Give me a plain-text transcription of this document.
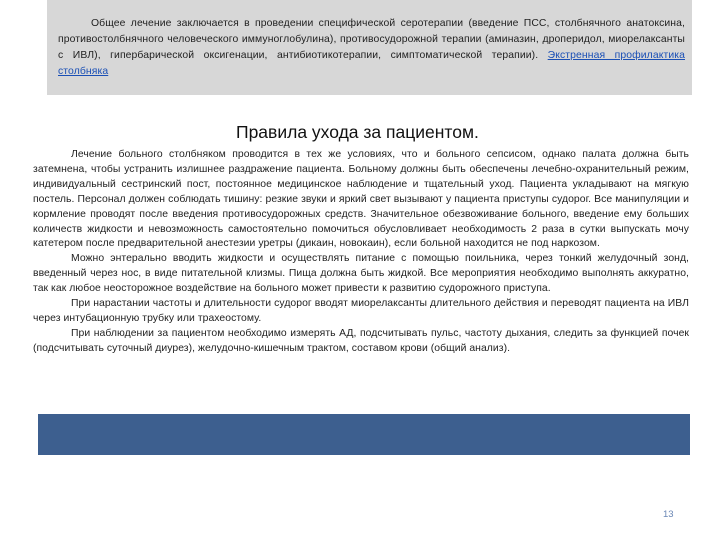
Общее лечение заключается в проведении специфической серотерапии (введение ПСС, столбнячного анатоксина, противостолбнячного человеческого иммуноглобулина), противосудорожной терапии (аминазин, дроперидол, миорелаксанты с ИВЛ), гипербарической оксигенации, антибиотикотерапии, симптоматической терапии). Экстренная профилактика столбняка
Правила ухода за пациентом.

Лечение больного столбняком проводится в тех же условиях, что и больного сепсисом, однако палата должна быть затемнена, чтобы устранить излишнее раздражение пациента. Больному должны быть обеспечены лечебно-охранительный режим, индивидуальный сестринский пост, постоянное медицинское наблюдение и тщательный уход. Пациента укладывают на мягкую постель. Персонал должен соблюдать тишину: резкие звуки и яркий свет вызывают у пациента приступы судорог. Все манипуляции и кормление проводят после введения противосудорожных средств. Значительное обезвоживание больного, введение ему больших количеств жидкости и невозможность самостоятельно помочиться обусловливает необходимость 2 раза в сутки выпускать мочу катетером после предварительной анестезии уретры (дикаин, новокаин), если больной находится не под наркозом.

Можно энтерально вводить жидкости и осуществлять питание с помощью поильника, через тонкий желудочный зонд, введенный через нос, в виде питательной клизмы. Пища должна быть жидкой. Все мероприятия необходимо выполнять аккуратно, так как любое неосторожное воздействие на больного может привести к развитию судорожного приступа.

При нарастании частоты и длительности судорог вводят миорелаксанты длительного действия и переводят пациента на ИВЛ через интубационную трубку или трахеостому.

При наблюдении за пациентом необходимо измерять АД, подсчитывать пульс, частоту дыхания, следить за функцией почек (подсчитывать суточный диурез), желудочно-кишечным трактом, составом крови (общий анализ).

13
